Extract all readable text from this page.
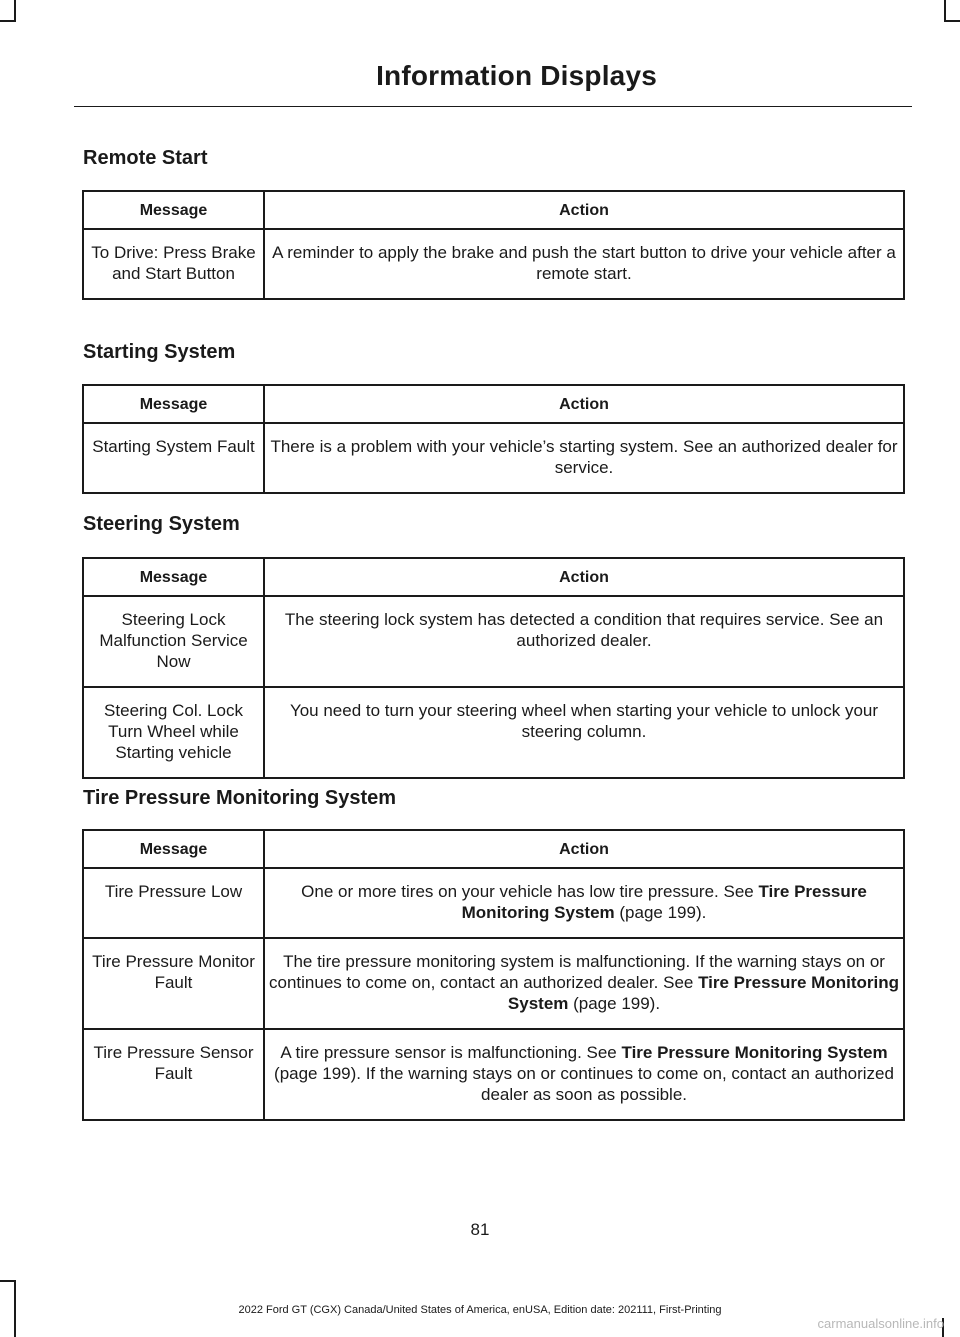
Information Displays
Remote Start
Message	Action
To Drive: Press Brake and Start Button	A reminder to apply the brake and push the start button to drive your vehicle after a remote start.
Starting System
Message	Action
Starting System Fault	There is a problem with your vehicle’s starting system. See an authorized dealer for service.
Steering System
Message	Action
Steering Lock Malfunction Service Now	The steering lock system has detected a condition that requires service. See an authorized dealer.
Steering Col. Lock Turn Wheel while Starting vehicle	You need to turn your steering wheel when starting your vehicle to unlock your steering column.
Tire Pressure Monitoring System
Message	Action
Tire Pressure Low	One or more tires on your vehicle has low tire pressure. See Tire Pressure Monitoring System (page 199).
Tire Pressure Monitor Fault	The tire pressure monitoring system is malfunctioning. If the warning stays on or continues to come on, contact an authorized dealer. See Tire Pressure Monitoring System (page 199).
Tire Pressure Sensor Fault	A tire pressure sensor is malfunctioning. See Tire Pressure Monitoring System (page 199). If the warning stays on or continues to come on, contact an authorized dealer as soon as possible.
81
2022 Ford GT (CGX) Canada/United States of America, enUSA, Edition date: 202111, First-Printing
carmanualsonline.info
